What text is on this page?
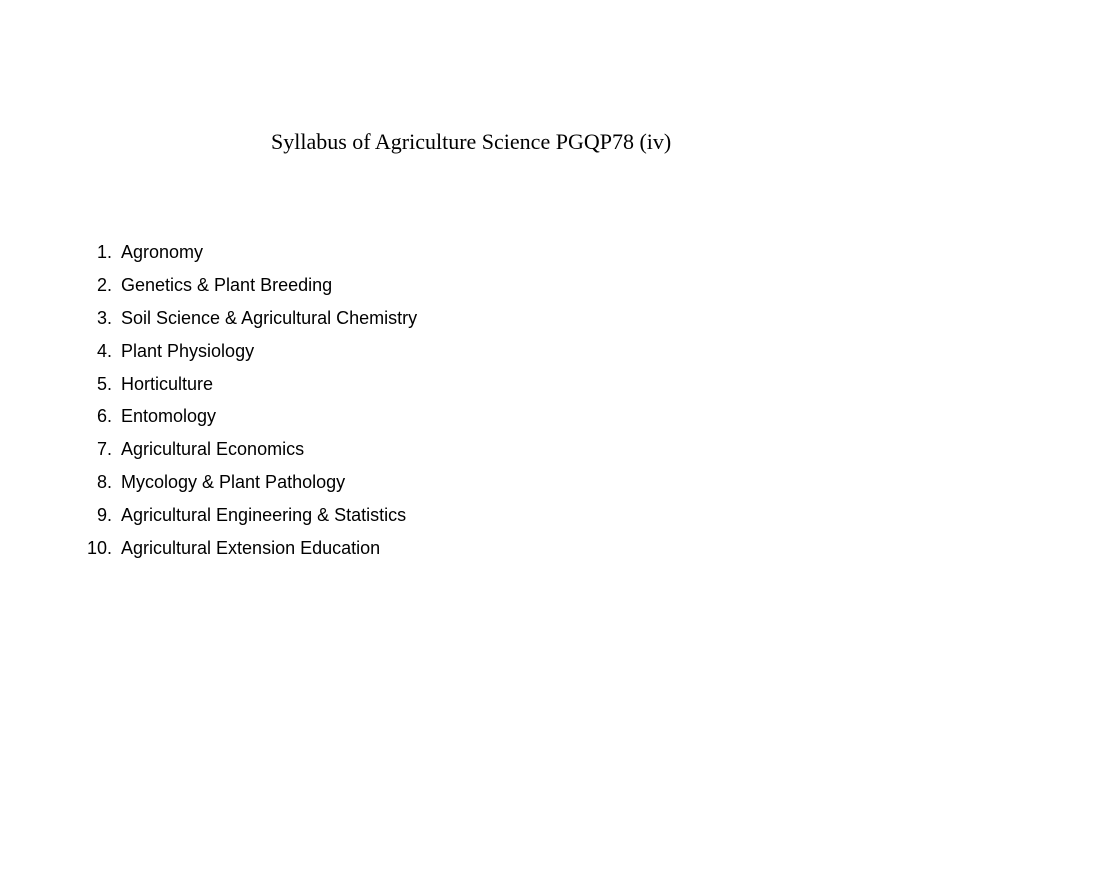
Syllabus of Agriculture Science PGQP78 (iv)
1. Agronomy
2. Genetics & Plant Breeding
3. Soil Science & Agricultural Chemistry
4. Plant Physiology
5. Horticulture
6. Entomology
7. Agricultural Economics
8. Mycology & Plant Pathology
9. Agricultural Engineering & Statistics
10. Agricultural Extension Education
